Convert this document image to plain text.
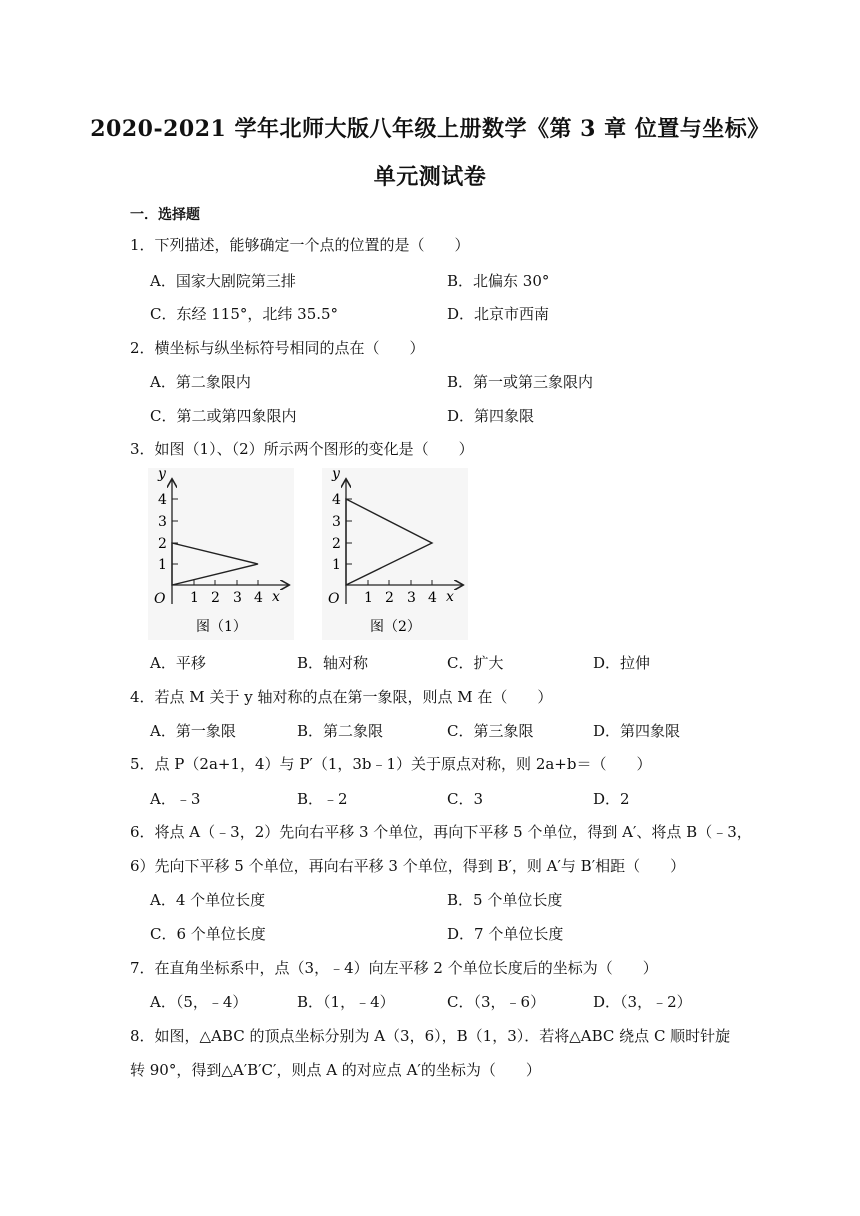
2020-2021 学年北师大版八年级上册数学《第 3 章 位置与坐标》
单元测试卷
一．选择题
1．下列描述，能够确定一个点的位置的是（　　）
A．国家大剧院第三排	B．北偏东 30°
C．东经 115°，北纬 35.5°	D．北京市西南
2．横坐标与纵坐标符号相同的点在（　　）
A．第二象限内	B．第一或第三象限内
C．第二或第四象限内	D．第四象限
3．如图（1）、（2）所示两个图形的变化是（　　）
y
x
O
1
2
3
4
1 2 3 4
图（1）
y
x
O
1
2
3
4
1 2 3 4
图（2）
A．平移	B．轴对称	C．扩大	D．拉伸
4．若点 M 关于 y 轴对称的点在第一象限，则点 M 在（　　）
A．第一象限	B．第二象限	C．第三象限	D．第四象限
5．点 P（2a+1，4）与 P′（1，3b﹣1）关于原点对称，则 2a+b＝（　　）
A．﹣3	B．﹣2	C．3	D．2
6．将点 A（﹣3，2）先向右平移 3 个单位，再向下平移 5 个单位，得到 A′、将点 B（﹣3，
6）先向下平移 5 个单位，再向右平移 3 个单位，得到 B′，则 A′与 B′相距（　　）
A．4 个单位长度	B．5 个单位长度
C．6 个单位长度	D．7 个单位长度
7．在直角坐标系中，点（3，﹣4）向左平移 2 个单位长度后的坐标为（　　）
A．（5，﹣4）	B．（1，﹣4）	C．（3，﹣6）	D．（3，﹣2）
8．如图，△ABC 的顶点坐标分别为 A（3，6），B（1，3）．若将△ABC 绕点 C 顺时针旋
转 90°，得到△A′B′C′，则点 A 的对应点 A′的坐标为（　　）
